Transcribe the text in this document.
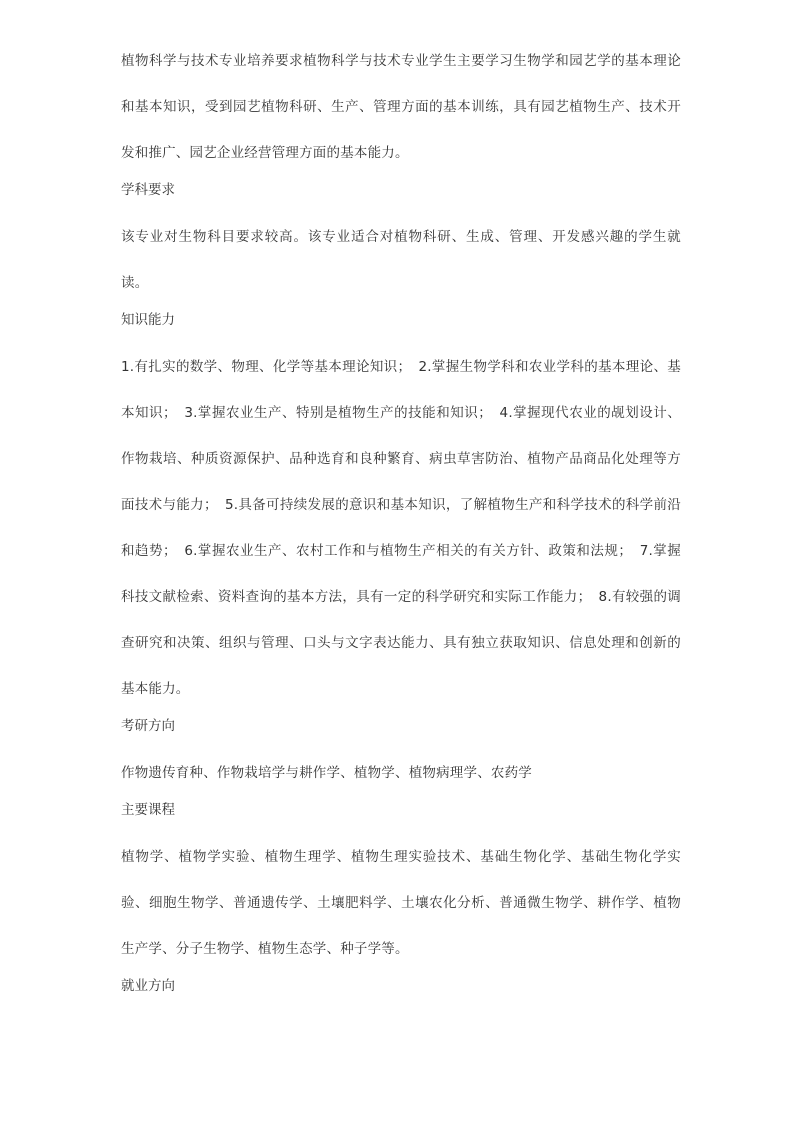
植物科学与技术专业培养要求植物科学与技术专业学生主要学习生物学和园艺学的基本理论和基本知识，受到园艺植物科研、生产、管理方面的基本训练，具有园艺植物生产、技术开发和推广、园艺企业经营管理方面的基本能力。

学科要求

该专业对生物科目要求较高。该专业适合对植物科研、生成、管理、开发感兴趣的学生就读。

知识能力

1.有扎实的数学、物理、化学等基本理论知识；　2.掌握生物学科和农业学科的基本理论、基本知识；　3.掌握农业生产、特别是植物生产的技能和知识；　4.掌握现代农业的觇划设计、作物栽培、种质资源保护、品种选育和良种繁育、病虫草害防治、植物产品商品化处理等方面技术与能力；　5.具备可持续发展的意识和基本知识，了解植物生产和科学技术的科学前沿和趋势；　6.掌握农业生产、农村工作和与植物生产相关的有关方针、政策和法规；　7.掌握科技文献检索、资料查询的基本方法，具有一定的科学研究和实际工作能力；　8.有较强的调查研究和决策、组织与管理、口头与文字表达能力、具有独立获取知识、信息处理和创新的基本能力。

考研方向

作物遗传育种、作物栽培学与耕作学、植物学、植物病理学、农药学

主要课程

植物学、植物学实验、植物生理学、植物生理实验技术、基础生物化学、基础生物化学实验、细胞生物学、普通遗传学、土壤肥料学、土壤农化分析、普通微生物学、耕作学、植物生产学、分子生物学、植物生态学、种子学等。

就业方向
